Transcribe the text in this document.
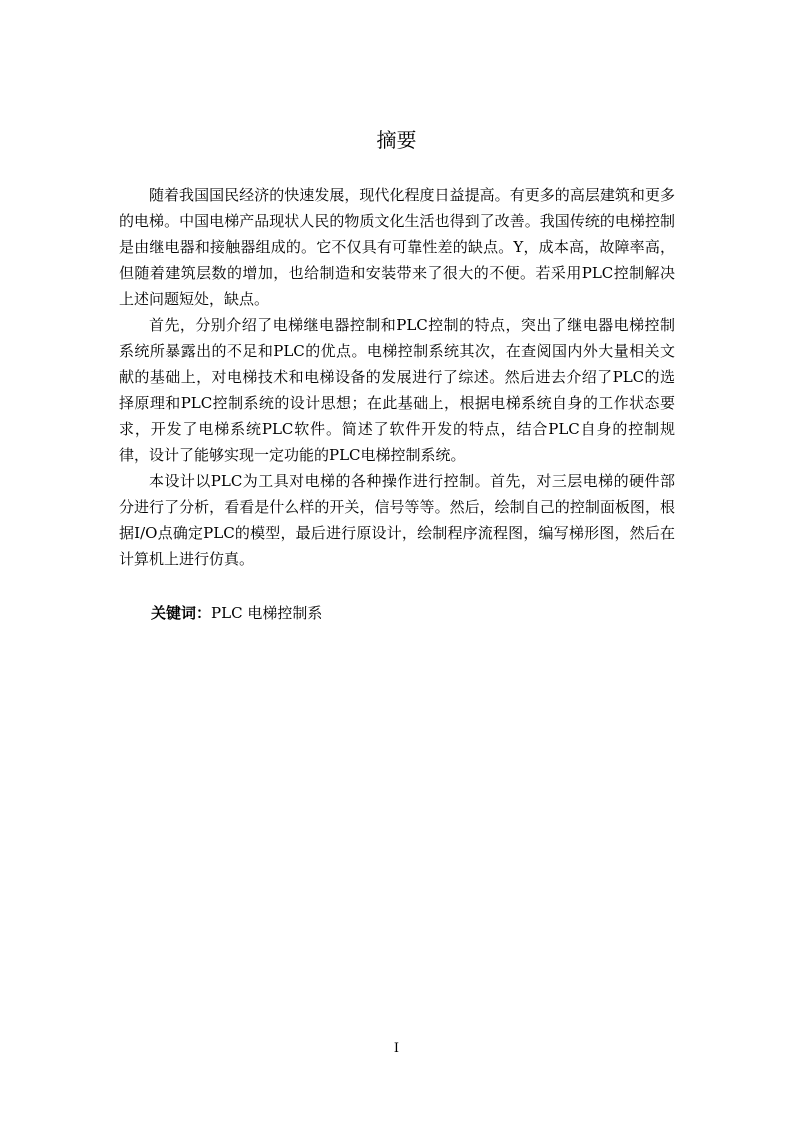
摘要

随着我国国民经济的快速发展，现代化程度日益提高。有更多的高层建筑和更多的电梯。中国电梯产品现状人民的物质文化生活也得到了改善。我国传统的电梯控制是由继电器和接触器组成的。它不仅具有可靠性差的缺点。Y，成本高，故障率高，但随着建筑层数的增加，也给制造和安装带来了很大的不便。若采用PLC控制解决上述问题短处，缺点。

首先，分别介绍了电梯继电器控制和PLC控制的特点，突出了继电器电梯控制系统所暴露出的不足和PLC的优点。电梯控制系统其次，在查阅国内外大量相关文献的基础上，对电梯技术和电梯设备的发展进行了综述。然后进去介绍了PLC的选择原理和PLC控制系统的设计思想；在此基础上，根据电梯系统自身的工作状态要求，开发了电梯系统PLC软件。简述了软件开发的特点，结合PLC自身的控制规律，设计了能够实现一定功能的PLC电梯控制系统。

本设计以PLC为工具对电梯的各种操作进行控制。首先，对三层电梯的硬件部分进行了分析，看看是什么样的开关，信号等等。然后，绘制自己的控制面板图，根据I/O点确定PLC的模型，最后进行原设计，绘制程序流程图，编写梯形图，然后在计算机上进行仿真。

关键词：PLC 电梯控制系
I
